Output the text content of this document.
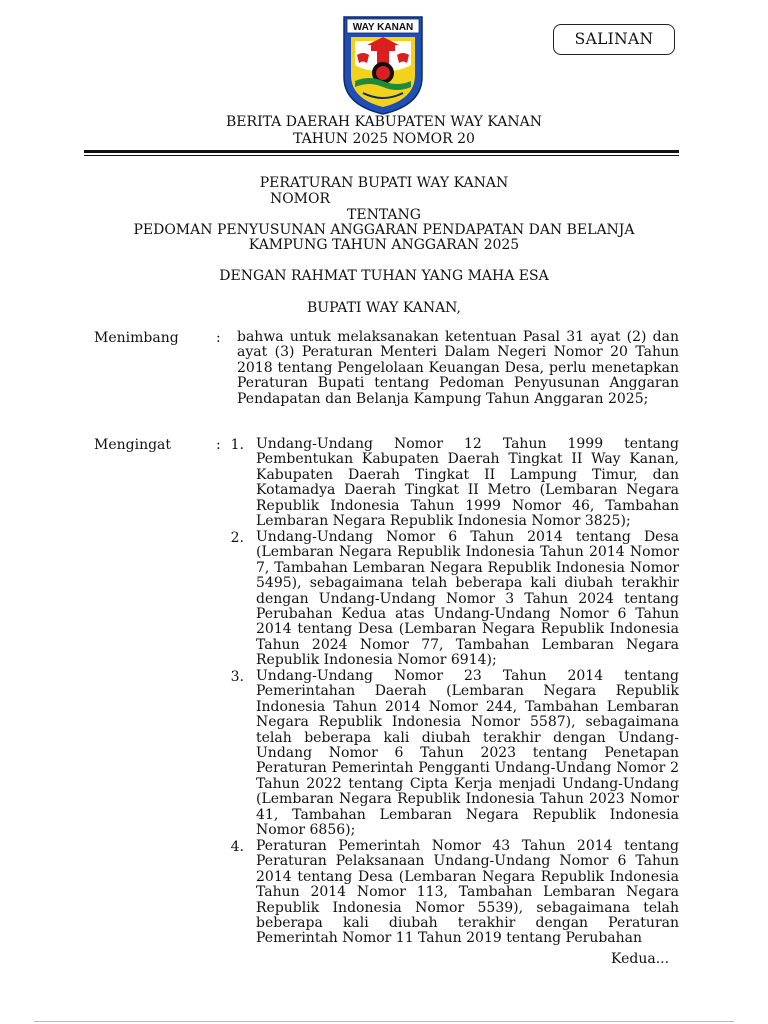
WAY KANAN
SALINAN
BERITA DAERAH KABUPATEN WAY KANAN
TAHUN 2025 NOMOR 20
PERATURAN BUPATI WAY KANAN
NOMOR
TENTANG
PEDOMAN PENYUSUNAN ANGGARAN PENDAPATAN DAN BELANJA
KAMPUNG TAHUN ANGGARAN 2025
DENGAN RAHMAT TUHAN YANG MAHA ESA
BUPATI WAY KANAN,
Menimbang	: bahwa untuk melaksanakan ketentuan Pasal 31 ayat (2) dan ayat (3) Peraturan Menteri Dalam Negeri Nomor 20 Tahun 2018 tentang Pengelolaan Keuangan Desa, perlu menetapkan Peraturan Bupati tentang Pedoman Penyusunan Anggaran Pendapatan dan Belanja Kampung Tahun Anggaran 2025;

Mengingat	: 1. Undang-Undang Nomor 12 Tahun 1999 tentang Pembentukan Kabupaten Daerah Tingkat II Way Kanan, Kabupaten Daerah Tingkat II Lampung Timur, dan Kotamadya Daerah Tingkat II Metro (Lembaran Negara Republik Indonesia Tahun 1999 Nomor 46, Tambahan Lembaran Negara Republik Indonesia Nomor 3825);

2. Undang-Undang Nomor 6 Tahun 2014 tentang Desa (Lembaran Negara Republik Indonesia Tahun 2014 Nomor 7, Tambahan Lembaran Negara Republik Indonesia Nomor 5495), sebagaimana telah beberapa kali diubah terakhir dengan Undang-Undang Nomor 3 Tahun 2024 tentang Perubahan Kedua atas Undang-Undang Nomor 6 Tahun 2014 tentang Desa (Lembaran Negara Republik Indonesia Tahun 2024 Nomor 77, Tambahan Lembaran Negara Republik Indonesia Nomor 6914);

3. Undang-Undang Nomor 23 Tahun 2014 tentang Pemerintahan Daerah (Lembaran Negara Republik Indonesia Tahun 2014 Nomor 244, Tambahan Lembaran Negara Republik Indonesia Nomor 5587), sebagaimana telah beberapa kali diubah terakhir dengan Undang-Undang Nomor 6 Tahun 2023 tentang Penetapan Peraturan Pemerintah Pengganti Undang-Undang Nomor 2 Tahun 2022 tentang Cipta Kerja menjadi Undang-Undang (Lembaran Negara Republik Indonesia Tahun 2023 Nomor 41, Tambahan Lembaran Negara Republik Indonesia Nomor 6856);

4. Peraturan Pemerintah Nomor 43 Tahun 2014 tentang Peraturan Pelaksanaan Undang-Undang Nomor 6 Tahun 2014 tentang Desa (Lembaran Negara Republik Indonesia Tahun 2014 Nomor 113, Tambahan Lembaran Negara Republik Indonesia Nomor 5539), sebagaimana telah beberapa kali diubah terakhir dengan Peraturan Pemerintah Nomor 11 Tahun 2019 tentang Perubahan

Kedua...
